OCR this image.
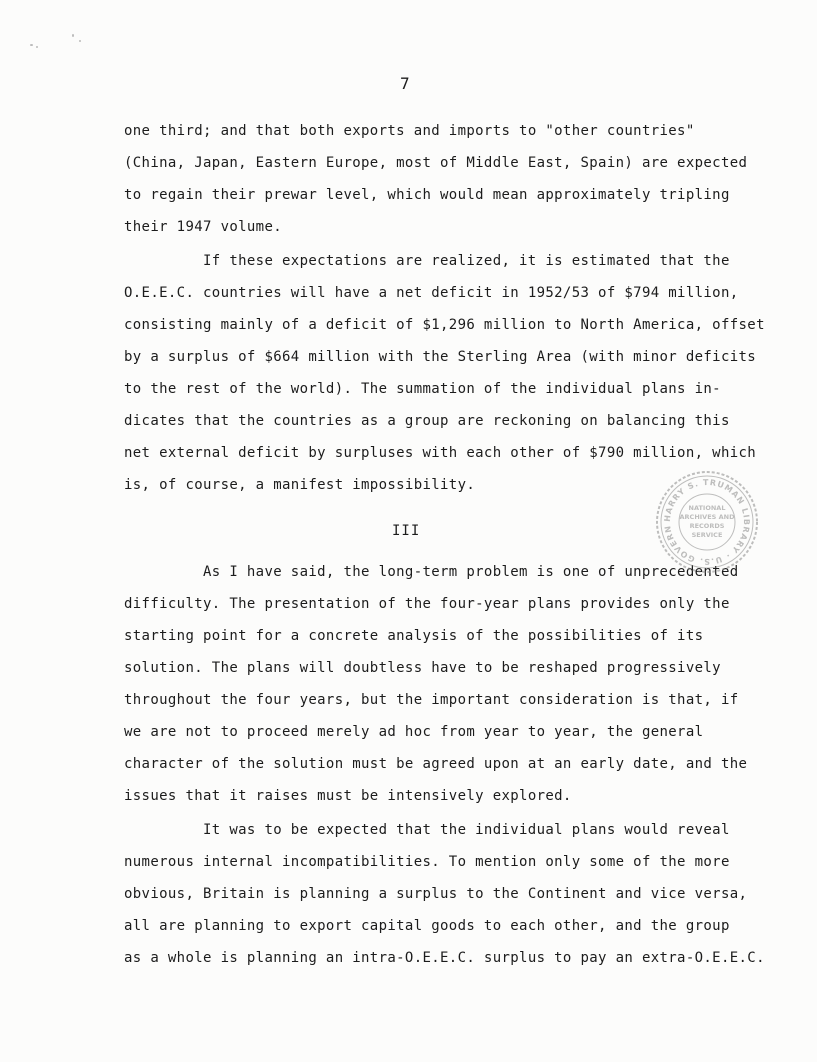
7
one third; and that both exports and imports to "other countries"
(China, Japan, Eastern Europe, most of Middle East, Spain) are expected
to regain their prewar level, which would mean approximately tripling
their 1947 volume.
If these expectations are realized, it is estimated that the
O.E.E.C. countries will have a net deficit in 1952/53 of $794 million,
consisting mainly of a deficit of $1,296 million to North America, offset
by a surplus of $664 million with the Sterling Area (with minor deficits
to the rest of the world). The summation of the individual plans in-
dicates that the countries as a group are reckoning on balancing this
net external deficit by surpluses with each other of $790 million, which
is, of course, a manifest impossibility.
III
As I have said, the long-term problem is one of unprecedented
difficulty. The presentation of the four-year plans provides only the
starting point for a concrete analysis of the possibilities of its
solution. The plans will doubtless have to be reshaped progressively
throughout the four years, but the important consideration is that, if
we are not to proceed merely ad hoc from year to year, the general
character of the solution must be agreed upon at an early date, and the
issues that it raises must be intensively explored.
It was to be expected that the individual plans would reveal
numerous internal incompatibilities. To mention only some of the more
obvious, Britain is planning a surplus to the Continent and vice versa,
all are planning to export capital goods to each other, and the group
as a whole is planning an intra-O.E.E.C. surplus to pay an extra-O.E.E.C.
HARRY S. TRUMAN LIBRARY · U.S. GOVERN
NATIONAL
ARCHIVES AND
RECORDS
SERVICE
